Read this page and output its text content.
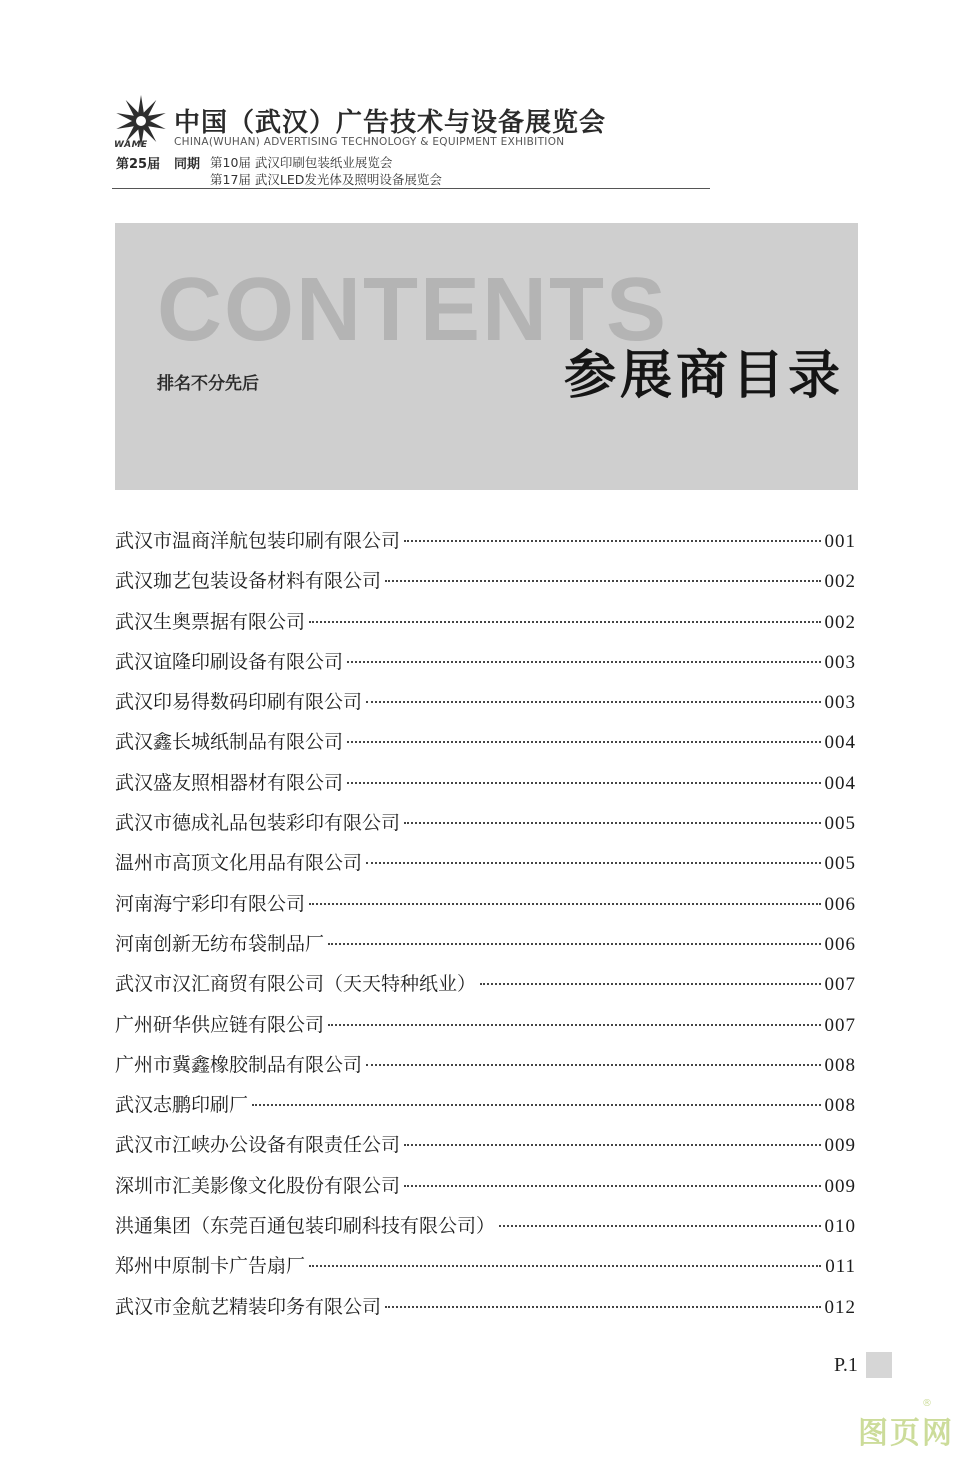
WAME
中国（武汉）广告技术与设备展览会
CHINA(WUHAN) ADVERTISING TECHNOLOGY & EQUIPMENT EXHIBITION
第25届 同期 第10届 武汉印刷包装纸业展览会
第17届 武汉LED发光体及照明设备展览会
CONTENTS
排名不分先后	参展商目录
武汉市温商洋航包装印刷有限公司	001
武汉珈艺包装设备材料有限公司	002
武汉生奥票据有限公司	002
武汉谊隆印刷设备有限公司	003
武汉印易得数码印刷有限公司	003
武汉鑫长城纸制品有限公司	004
武汉盛友照相器材有限公司	004
武汉市德成礼品包装彩印有限公司	005
温州市高顶文化用品有限公司	005
河南海宁彩印有限公司	006
河南创新无纺布袋制品厂	006
武汉市汉汇商贸有限公司（天天特种纸业）	007
广州研华供应链有限公司	007
广州市冀鑫橡胶制品有限公司	008
武汉志鹏印刷厂	008
武汉市江峡办公设备有限责任公司	009
深圳市汇美影像文化股份有限公司	009
洪通集团（东莞百通包装印刷科技有限公司）	010
郑州中原制卡广告扇厂	011
武汉市金航艺精装印务有限公司	012
P.1
图页网
®
